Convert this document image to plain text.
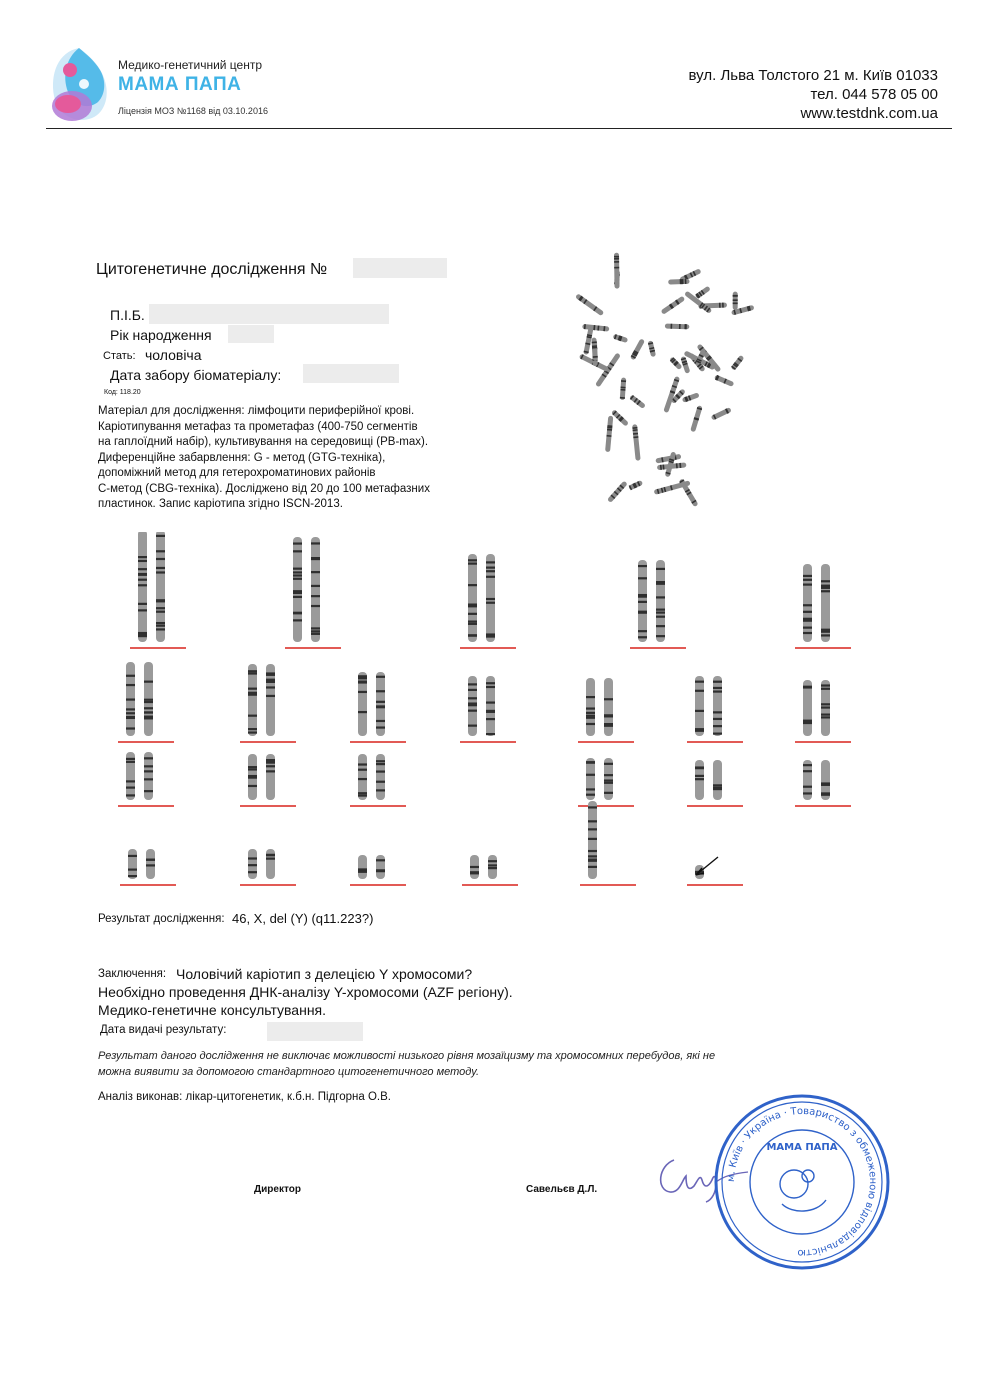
Медико-генетичний центр
МАМА ПАПА
Ліцензія МОЗ №1168 від 03.10.2016
вул. Льва Толстого 21 м. Київ 01033
тел. 044 578 05 00
www.testdnk.com.ua
Цитогенетичне дослідження №
П.І.Б.
Рік народження
Стать: чоловіча
Дата забору біоматеріалу:
Код: 118.20
Матеріал для дослідження: лімфоцити периферійної крові.
Каріотипування метафаз та прометафаз (400-750 сегментів
на гаплоїдний набір), культивування на середовищі (PB-max).
Диференційне забарвлення: G - метод (GTG-техніка),
допоміжний метод для гетерохроматинових районів
С-метод (CBG-техніка). Досліджено від 20 до 100 метафазних
пластинок. Запис каріотипа згідно ISCN-2013.
Результат дослідження: 46, X, del (Y) (q11.223?)
Заключення: Чоловічий каріотип з делецією Y хромосоми?
Необхідно проведення ДНК-аналізу Y-хромосоми (AZF регіону).
Медико-генетичне консультування.
Дата видачі результату:
Результат даного дослідження не виключає можливості низького рівня мозаїцизму та хромосомних перебудов, які не можна виявити за допомогою стандартного цитогенетичного методу.
Аналіз виконав: лікар-цитогенетик, к.б.н. Підгорна О.В.
Директор	Савельєв Д.Л.
м. Київ · Україна · Товариство з обмеженою відповідальністю
МАМА ПАПА
